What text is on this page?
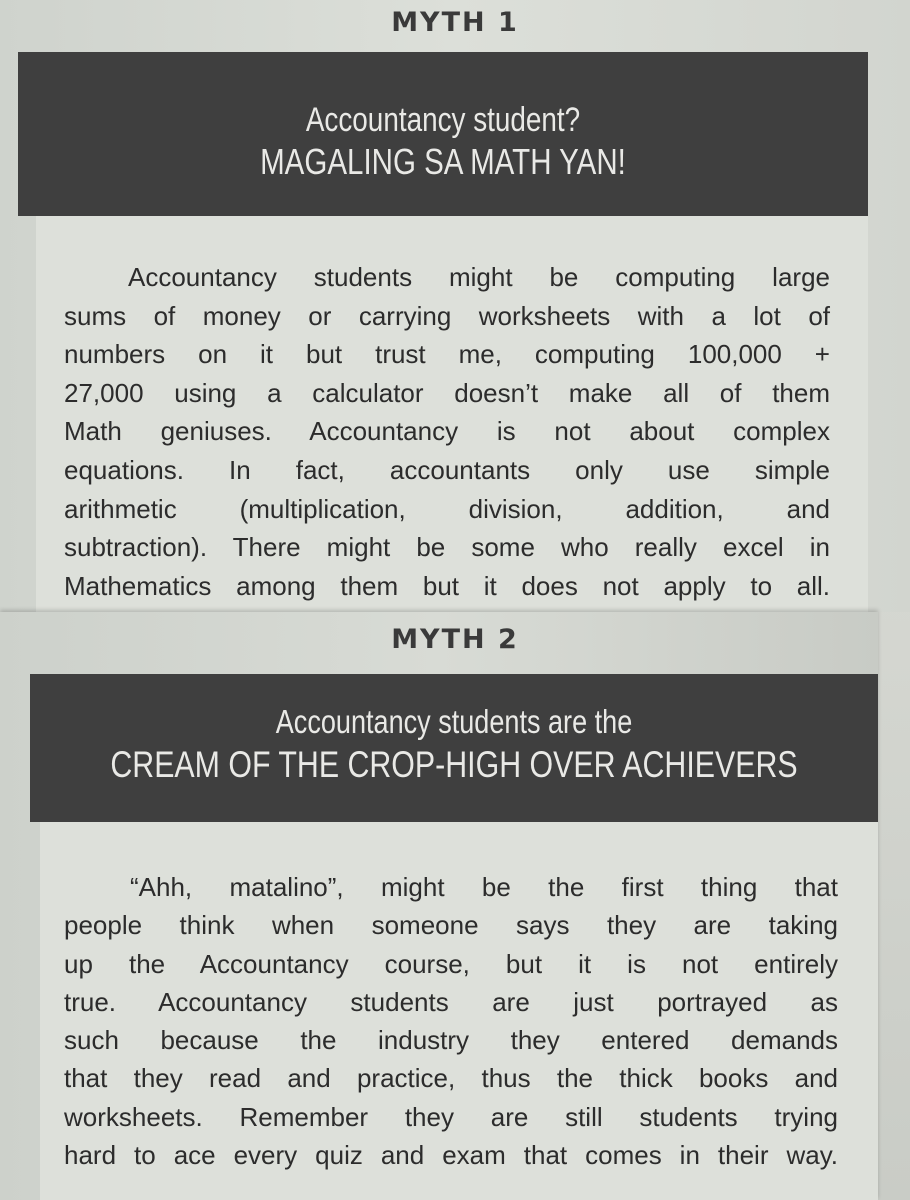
MYTH 1
Accountancy student?
MAGALING SA MATH YAN!
Accountancy students might be computing large
sums of money or carrying worksheets with a lot of
numbers on it but trust me, computing 100,000 +
27,000 using a calculator doesn’t make all of them
Math geniuses. Accountancy is not about complex
equations. In fact, accountants only use simple
arithmetic (multiplication, division, addition, and
subtraction). There might be some who really excel in
Mathematics among them but it does not apply to all.
MYTH 2
Accountancy students are the
CREAM OF THE CROP-HIGH OVER ACHIEVERS
“Ahh, matalino”, might be the first thing that
people think when someone says they are taking
up the Accountancy course, but it is not entirely
true. Accountancy students are just portrayed as
such because the industry they entered demands
that they read and practice, thus the thick books and
worksheets. Remember they are still students trying
hard to ace every quiz and exam that comes in their way.
